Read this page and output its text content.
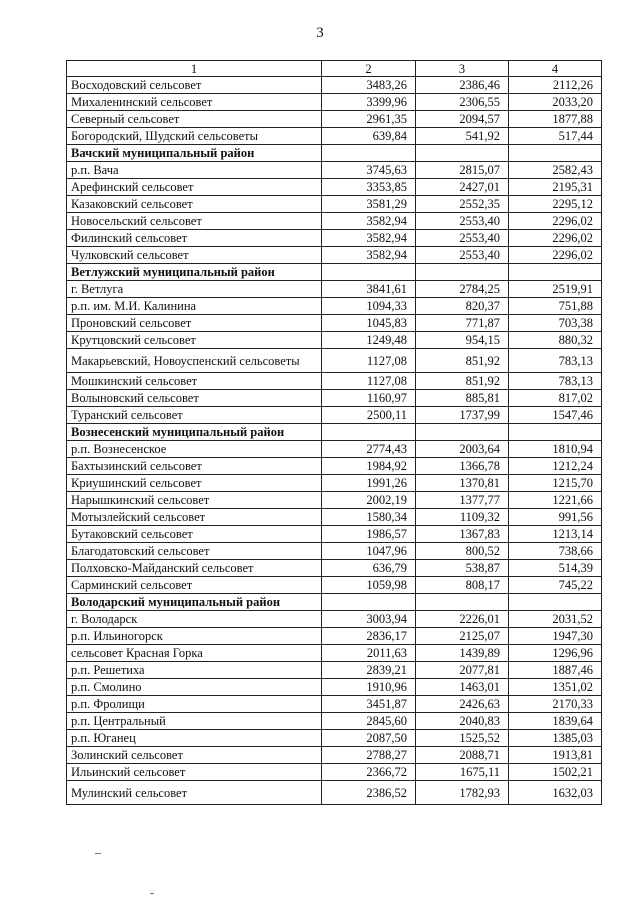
3
1	2	3	4
Восходовский сельсовет	3483,26	2386,46	2112,26
Михаленинский сельсовет	3399,96	2306,55	2033,20
Северный сельсовет	2961,35	2094,57	1877,88
Богородский, Шудский сельсоветы	639,84	541,92	517,44
Вачский муниципальный район			
р.п. Вача	3745,63	2815,07	2582,43
Арефинский сельсовет	3353,85	2427,01	2195,31
Казаковский сельсовет	3581,29	2552,35	2295,12
Новосельский сельсовет	3582,94	2553,40	2296,02
Филинский сельсовет	3582,94	2553,40	2296,02
Чулковский сельсовет	3582,94	2553,40	2296,02
Ветлужский муниципальный район			
г. Ветлуга	3841,61	2784,25	2519,91
р.п. им. М.И. Калинина	1094,33	820,37	751,88
Проновский сельсовет	1045,83	771,87	703,38
Крутцовский сельсовет	1249,48	954,15	880,32
Макарьевский, Новоуспенский сельсоветы	1127,08	851,92	783,13
Мошкинский сельсовет	1127,08	851,92	783,13
Волыновский сельсовет	1160,97	885,81	817,02
Туранский сельсовет	2500,11	1737,99	1547,46
Вознесенский муниципальный район			
р.п. Вознесенское	2774,43	2003,64	1810,94
Бахтызинский сельсовет	1984,92	1366,78	1212,24
Криушинский сельсовет	1991,26	1370,81	1215,70
Нарышкинский сельсовет	2002,19	1377,77	1221,66
Мотызлейский сельсовет	1580,34	1109,32	991,56
Бутаковский сельсовет	1986,57	1367,83	1213,14
Благодатовский сельсовет	1047,96	800,52	738,66
Полховско-Майданский сельсовет	636,79	538,87	514,39
Сарминский сельсовет	1059,98	808,17	745,22
Володарский муниципальный район			
г. Володарск	3003,94	2226,01	2031,52
р.п. Ильиногорск	2836,17	2125,07	1947,30
сельсовет Красная Горка	2011,63	1439,89	1296,96
р.п. Решетиха	2839,21	2077,81	1887,46
р.п. Смолино	1910,96	1463,01	1351,02
р.п. Фролищи	3451,87	2426,63	2170,33
р.п. Центральный	2845,60	2040,83	1839,64
р.п. Юганец	2087,50	1525,52	1385,03
Золинский сельсовет	2788,27	2088,71	1913,81
Ильинский сельсовет	2366,72	1675,11	1502,21
Мулинский сельсовет	2386,52	1782,93	1632,03
